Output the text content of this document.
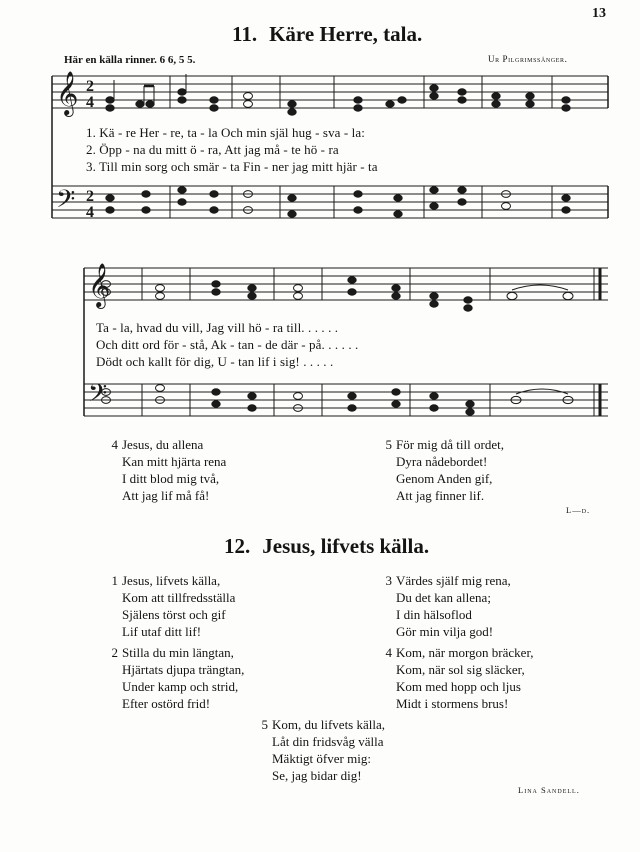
13
11. Käre Herre, tala.
Här en källa rinner. 6 6, 5 5.	Ur Pilgrimssånger.
𝄞
𝄢
𝄞
𝄢
2
4
2
4
1. Kä - re Her - re, ta - la Och min själ hug - sva - la:
2. Öpp - na du mitt ö - ra, Att jag må - te hö - ra
3. Till min sorg och smär - ta Fin - ner jag mitt hjär - ta
Ta - la, hvad du vill, Jag vill hö - ra till. . . . . .
Och ditt ord för - stå, Ak - tan - de där - på. . . . . .
Dödt och kallt för dig, U - tan lif i sig! . . . . .
4 Jesus, du allena
Kan mitt hjärta rena
I ditt blod mig två,
Att jag lif må få!
5 För mig då till ordet,
Dyra nådebordet!
Genom Anden gif,
Att jag finner lif.
L—d.
12. Jesus, lifvets källa.
1 Jesus, lifvets källa,
Kom att tillfredsställa
Själens törst och gif
Lif utaf ditt lif!
3 Värdes själf mig rena,
Du det kan allena;
I din hälsoflod
Gör min vilja god!
2 Stilla du min längtan,
Hjärtats djupa trängtan,
Under kamp och strid,
Efter ostörd frid!
4 Kom, när morgon bräcker,
Kom, när sol sig släcker,
Kom med hopp och ljus
Midt i stormens brus!
5 Kom, du lifvets källa,
Låt din fridsvåg välla
Mäktigt öfver mig:
Se, jag bidar dig!
Lina Sandell.
